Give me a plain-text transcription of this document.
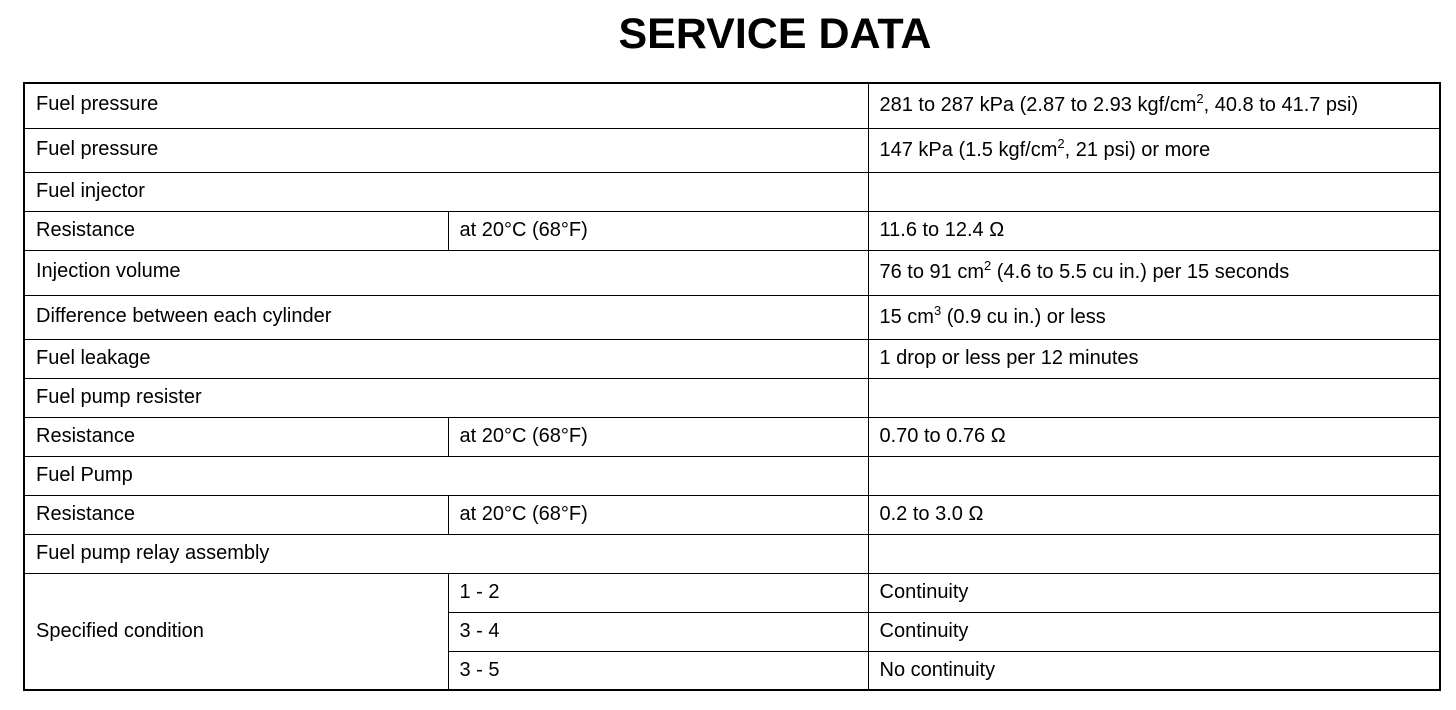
SERVICE DATA
Fuel pressure		281 to 287 kPa (2.87 to 2.93 kgf/$cm^2$, 40.8 to 41.7 psi)
Fuel pressure		147 kPa (1.5 kgf/$cm^2$, 21 psi) or more
Fuel injector		
Resistance	at 20°C (68°F)	11.6 to 12.4 Ω
Injection volume		76 to 91 $cm^2$ (4.6 to 5.5 cu in.) per 15 seconds
Difference between each cylinder		15 $cm^3$ (0.9 cu in.) or less
Fuel leakage		1 drop or less per 12 minutes
Fuel pump resister		
Resistance	at 20°C (68°F)	0.70 to 0.76 Ω
Fuel Pump		
Resistance	at 20°C (68°F)	0.2 to 3.0 Ω
Fuel pump relay assembly		
Specified condition	1 - 2	Continuity
	3 - 4	Continuity
	3 - 5	No continuity
